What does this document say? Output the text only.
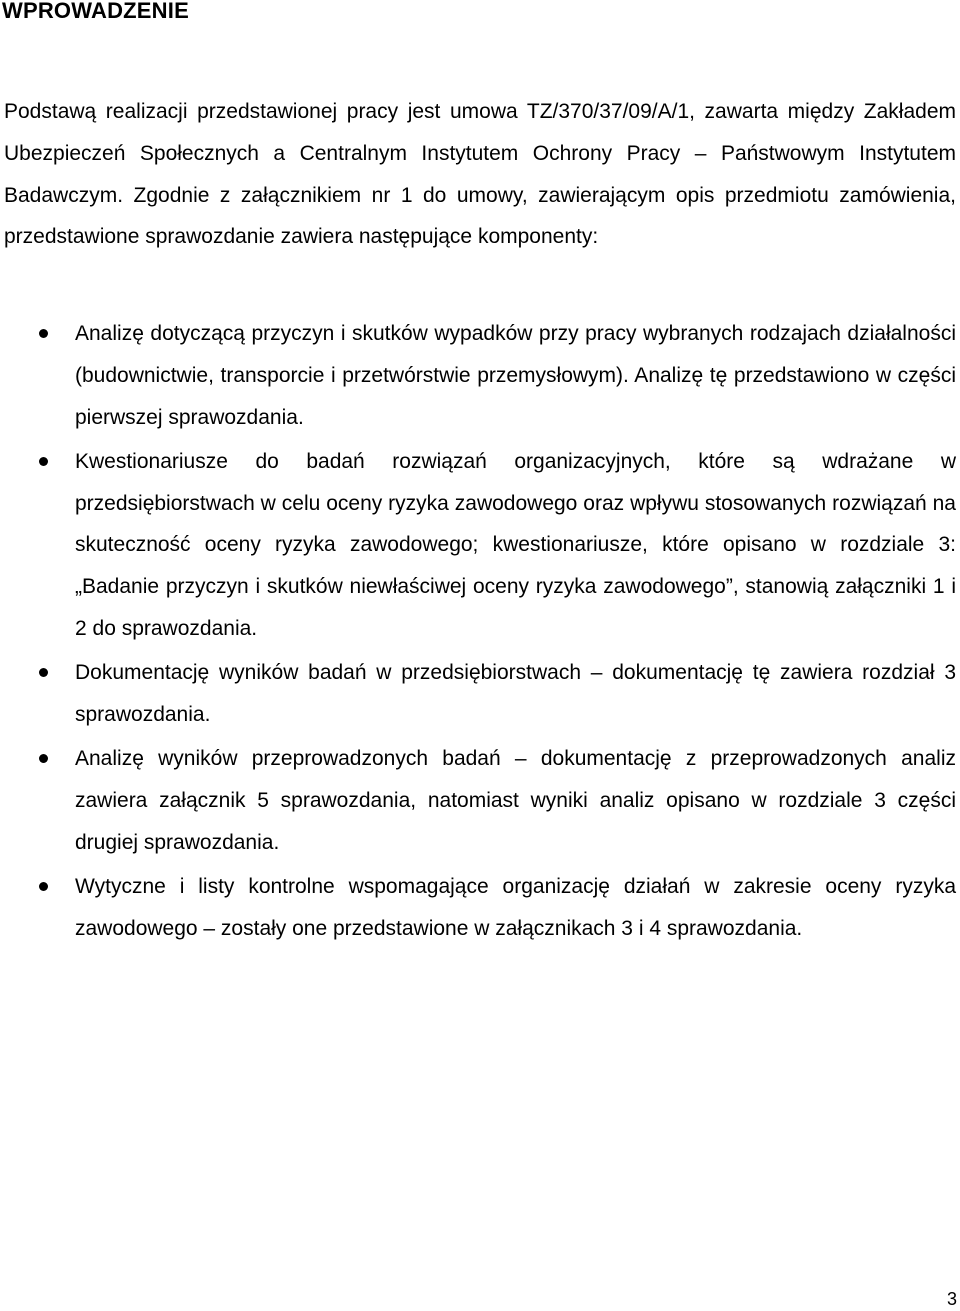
WPROWADZENIE

Podstawą realizacji przedstawionej pracy jest umowa TZ/370/37/09/A/1, zawarta między Zakładem Ubezpieczeń Społecznych a Centralnym Instytutem Ochrony Pracy – Państwowym Instytutem Badawczym. Zgodnie z załącznikiem nr 1 do umowy, zawierającym opis przedmiotu zamówienia, przedstawione sprawozdanie zawiera następujące komponenty:

Analizę dotyczącą przyczyn i skutków wypadków przy pracy wybranych rodzajach działalności (budownictwie, transporcie i przetwórstwie przemysłowym). Analizę tę przedstawiono w części pierwszej sprawozdania.
Kwestionariusze do badań rozwiązań organizacyjnych, które są wdrażane w przedsiębiorstwach w celu oceny ryzyka zawodowego oraz wpływu stosowanych rozwiązań na skuteczność oceny ryzyka zawodowego; kwestionariusze, które opisano w rozdziale 3: „Badanie przyczyn i skutków niewłaściwej oceny ryzyka zawodowego”, stanowią załączniki 1 i 2 do sprawozdania.
Dokumentację wyników badań w przedsiębiorstwach – dokumentację tę zawiera rozdział 3 sprawozdania.
Analizę wyników przeprowadzonych badań – dokumentację z przeprowadzonych analiz zawiera załącznik 5 sprawozdania, natomiast wyniki analiz opisano w rozdziale 3 części drugiej sprawozdania.
Wytyczne i listy kontrolne wspomagające organizację działań w zakresie oceny ryzyka zawodowego – zostały one przedstawione w załącznikach 3 i 4 sprawozdania.
3
